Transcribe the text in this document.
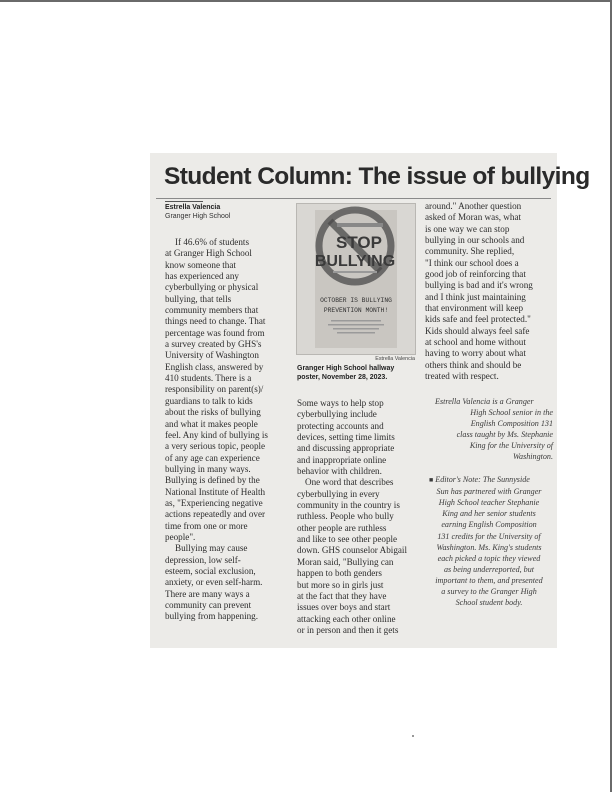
Student Column: The issue of bullying
Estrella Valencia
Granger High School

If 46.6% of students

at Granger High School

know someone that

has experienced any

cyberbullying or physical

bullying, that tells

community members that

things need to change. That

percentage was found from

a survey created by GHS's

University of Washington

English class, answered by

410 students. There is a

responsibility on parent(s)/

guardians to talk to kids

about the risks of bullying

and what it makes people

feel. Any kind of bullying is

a very serious topic, people

of any age can experience

bullying in many ways.

Bullying is defined by the

National Institute of Health

as, "Experiencing negative

actions repeatedly and over

time from one or more

people".

Bullying may cause

depression, low self-

esteem, social exclusion,

anxiety, or even self-harm.

There are many ways a

community can prevent

bullying from happening.

STOP
BULLYING
OCTOBER IS BULLYING
PREVENTION MONTH!
Estrella Valencia
Granger High School hallway
poster, November 28, 2023.

Some ways to help stop

cyberbullying include

protecting accounts and

devices, setting time limits

and discussing appropriate

and inappropriate online

behavior with children.

One word that describes

cyberbullying in every

community in the country is

ruthless. People who bully

other people are ruthless

and like to see other people

down. GHS counselor Abigail

Moran said, "Bullying can

happen to both genders

but more so in girls just

at the fact that they have

issues over boys and start

attacking each other online

or in person and then it gets

around." Another question

asked of Moran was, what

is one way we can stop

bullying in our schools and

community. She replied,

"I think our school does a

good job of reinforcing that

bullying is bad and it's wrong

and I think just maintaining

that environment will keep

kids safe and feel protected."

Kids should always feel safe

at school and home without

having to worry about what

others think and should be

treated with respect.

Estrella Valencia is a Granger

High School senior in the

English Composition 131

class taught by Ms. Stephanie

King for the University of

Washington.

■ Editor's Note: The Sunnyside

Sun has partnered with Granger

High School teacher Stephanie

King and her senior students

earning English Composition

131 credits for the University of

Washington. Ms. King's students

each picked a topic they viewed

as being underreported, but

important to them, and presented

a survey to the Granger High

School student body.
